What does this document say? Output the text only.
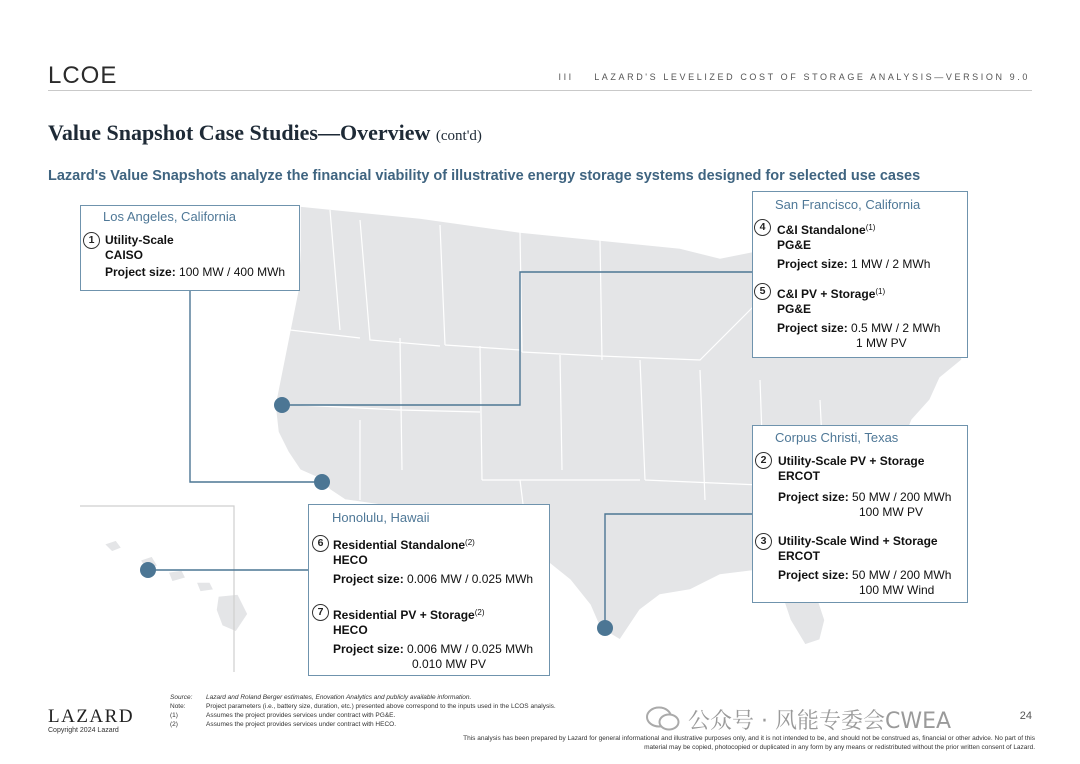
LCOE	III LAZARD'S LEVELIZED COST OF STORAGE ANALYSIS—VERSION 9.0
Value Snapshot Case Studies—Overview (cont'd)
Lazard's Value Snapshots analyze the financial viability of illustrative energy storage systems designed for selected use cases
Los Angeles, California
1 Utility-Scale
CAISO
Project size: 100 MW / 400 MWh
San Francisco, California
4 C&I Standalone$^{(1)}$
PG&E
Project size: 1 MW / 2 MWh
5 C&I PV + Storage$^{(1)}$
PG&E
Project size: 0.5 MW / 2 MWh
1 MW PV
Corpus Christi, Texas
2 Utility-Scale PV + Storage
ERCOT
Project size: 50 MW / 200 MWh
100 MW PV
3 Utility-Scale Wind + Storage
ERCOT
Project size: 50 MW / 200 MWh
100 MW Wind
Honolulu, Hawaii
6 Residential Standalone$^{(2)}$
HECO
Project size: 0.006 MW / 0.025 MWh
7 Residential PV + Storage$^{(2)}$
HECO
Project size: 0.006 MW / 0.025 MWh
0.010 MW PV
LAZARD
Copyright 2024 Lazard
Source: Lazard and Roland Berger estimates, Enovation Analytics and publicly available information.
Note:	Project parameters (i.e., battery size, duration, etc.) presented above correspond to the inputs used in the LCOS analysis.
(1)	Assumes the project provides services under contract with PG&E.
(2)	Assumes the project provides services under contract with HECO.	公众号 · 风能专委会CWEA	24
This analysis has been prepared by Lazard for general informational and illustrative purposes only, and it is not intended to be, and should not be construed as, financial or other advice. No part of this material may be copied, photocopied or duplicated in any form by any means or redistributed without the prior written consent of Lazard.
